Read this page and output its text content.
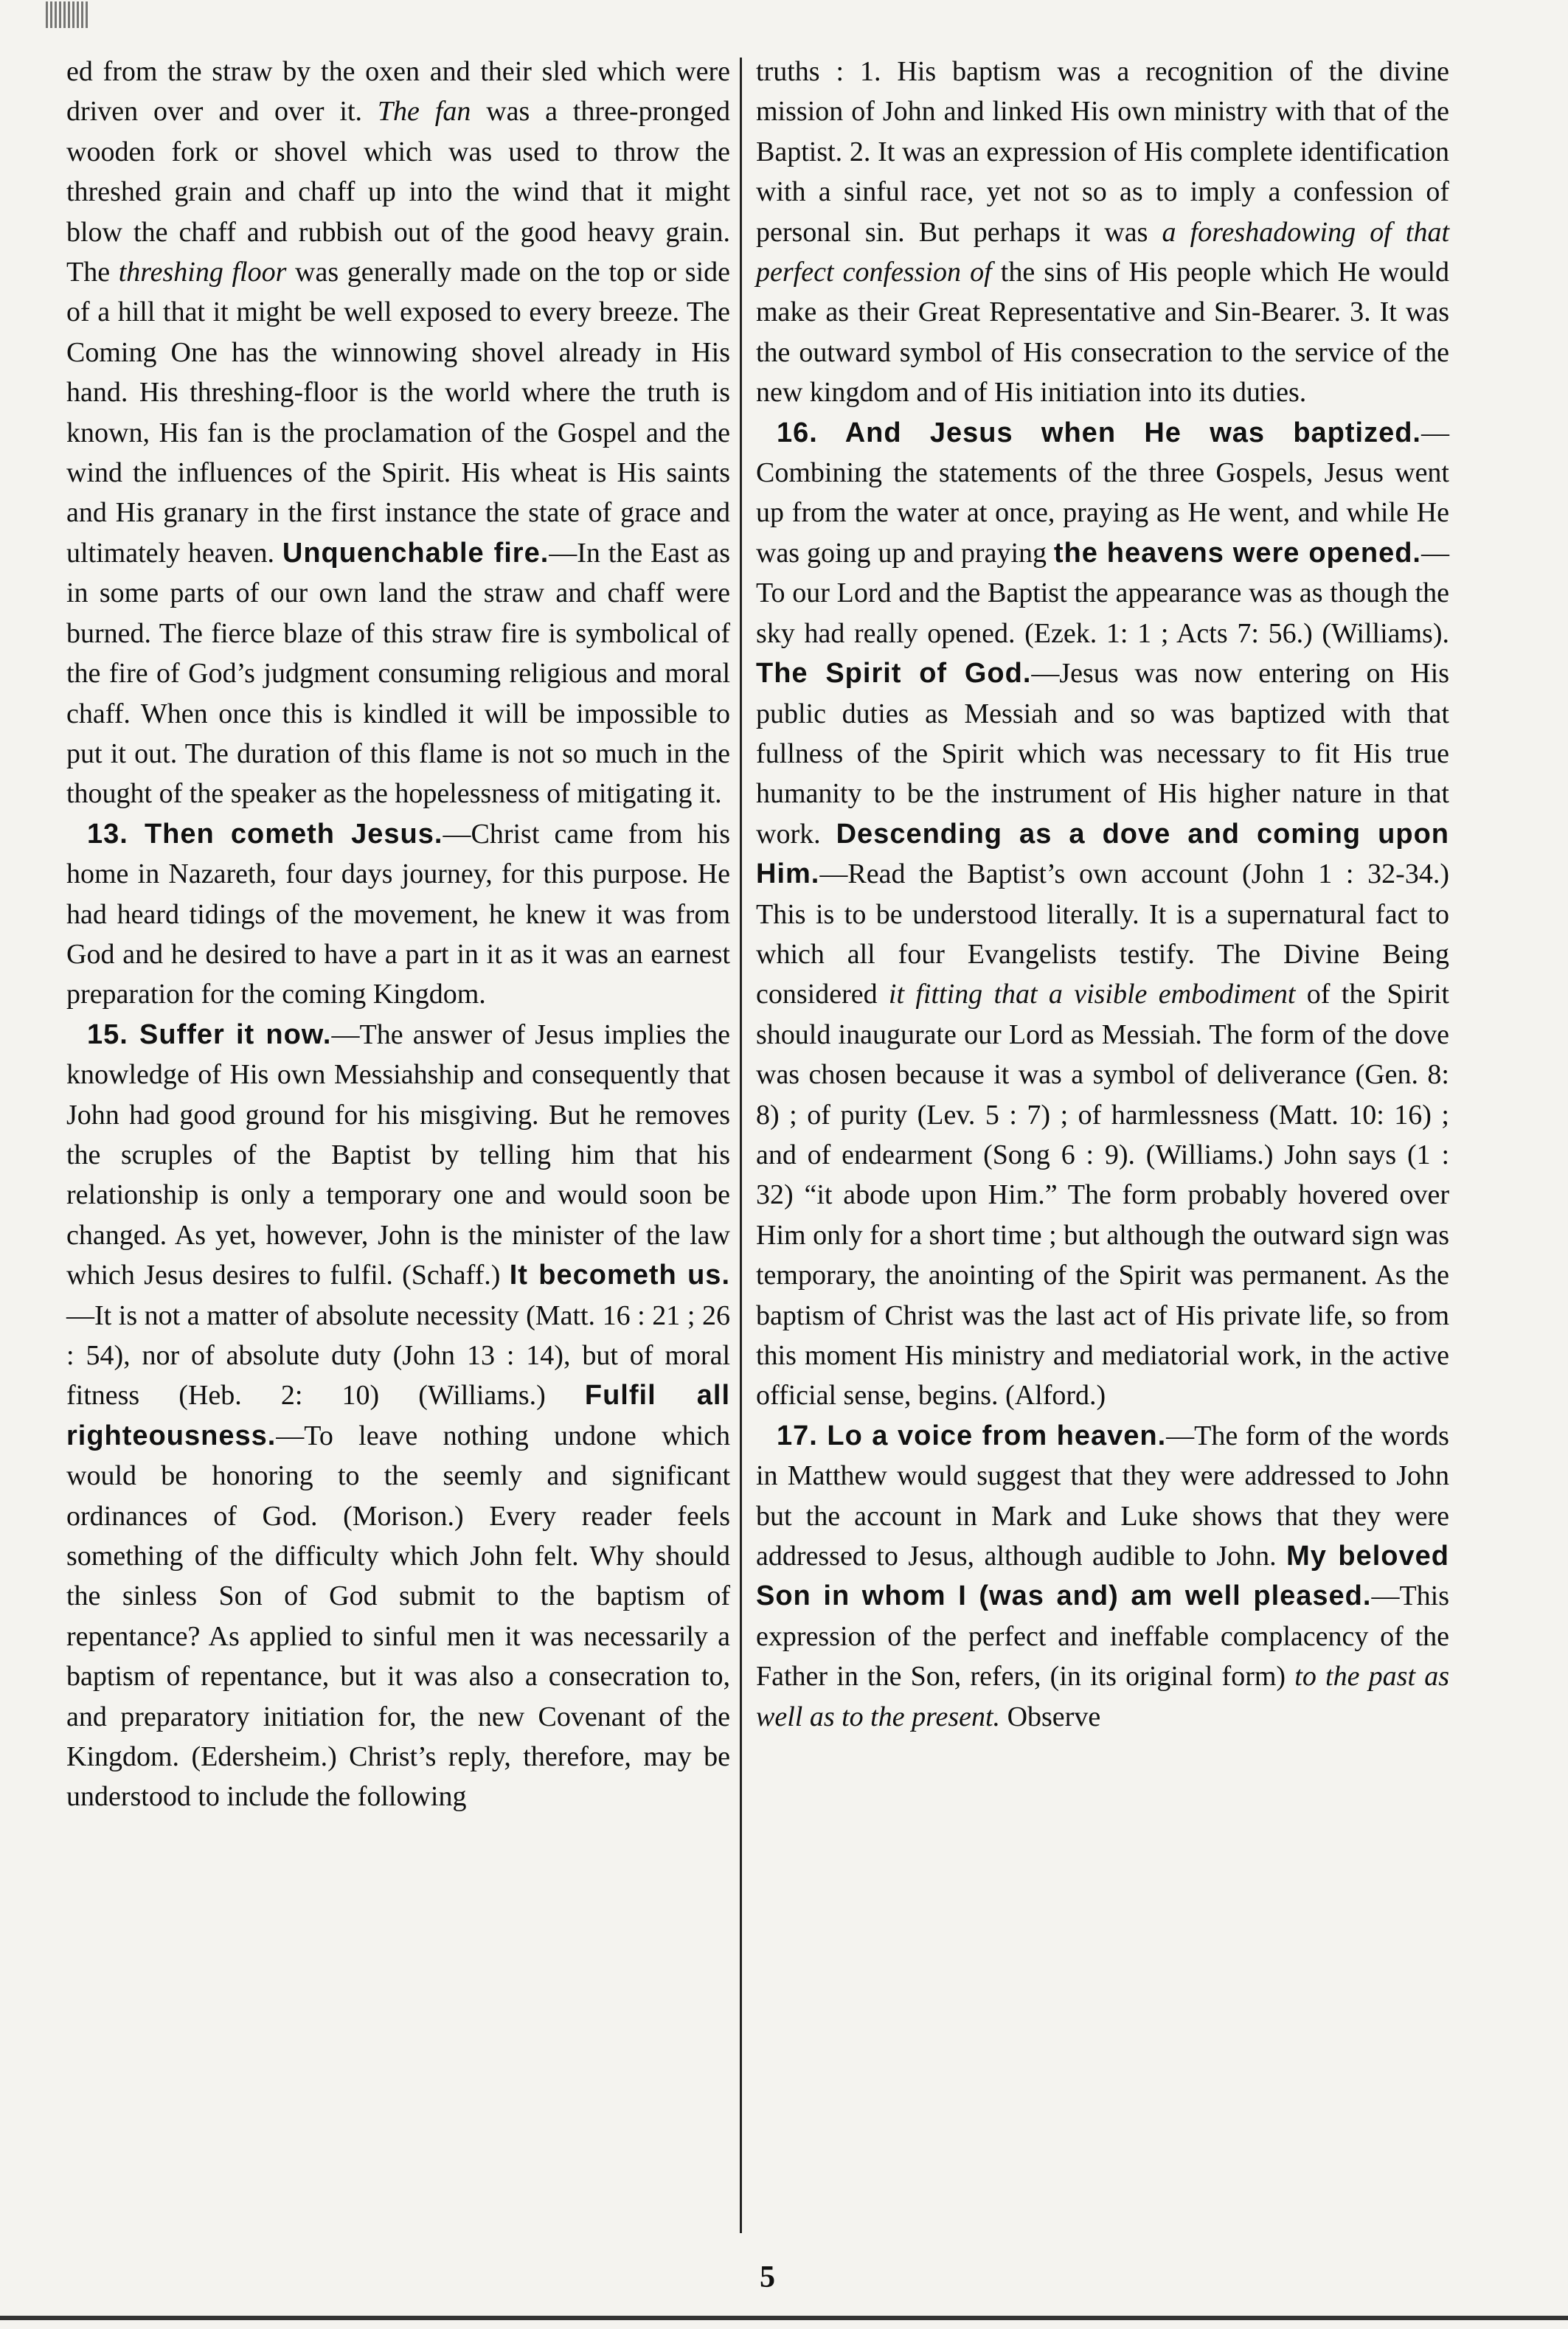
ed from the straw by the oxen and their sled which were driven over and over it. The fan was a three-pronged wooden fork or shovel which was used to throw the threshed grain and chaff up into the wind that it might blow the chaff and rubbish out of the good heavy grain. The threshing floor was generally made on the top or side of a hill that it might be well exposed to every breeze. The Coming One has the winnowing shovel already in His hand. His threshing-floor is the world where the truth is known, His fan is the proclamation of the Gospel and the wind the influences of the Spirit. His wheat is His saints and His granary in the first instance the state of grace and ultimately heaven. Unquenchable fire.—In the East as in some parts of our own land the straw and chaff were burned. The fierce blaze of this straw fire is symbolical of the fire of God’s judgment consuming religious and moral chaff. When once this is kindled it will be impossible to put it out. The duration of this flame is not so much in the thought of the speaker as the hopelessness of mitigating it.

13. Then cometh Jesus.—Christ came from his home in Nazareth, four days journey, for this purpose. He had heard tidings of the movement, he knew it was from God and he desired to have a part in it as it was an earnest preparation for the coming Kingdom.

15. Suffer it now.—The answer of Jesus implies the knowledge of His own Messiahship and consequently that John had good ground for his misgiving. But he removes the scruples of the Baptist by telling him that his relationship is only a temporary one and would soon be changed. As yet, however, John is the minister of the law which Jesus desires to fulfil. (Schaff.) It becometh us.—It is not a matter of absolute necessity (Matt. 16 : 21 ; 26 : 54), nor of absolute duty (John 13 : 14), but of moral fitness (Heb. 2: 10) (Williams.) Fulfil all righteousness.—To leave nothing undone which would be honoring to the seemly and significant ordinances of God. (Morison.) Every reader feels something of the difficulty which John felt. Why should the sinless Son of God submit to the baptism of repentance? As applied to sinful men it was necessarily a baptism of repentance, but it was also a consecration to, and preparatory initiation for, the new Covenant of the Kingdom. (Edersheim.) Christ’s reply, therefore, may be understood to include the following

truths : 1. His baptism was a recognition of the divine mission of John and linked His own ministry with that of the Baptist. 2. It was an expression of His complete identification with a sinful race, yet not so as to imply a confession of personal sin. But perhaps it was a foreshadowing of that perfect confession of the sins of His people which He would make as their Great Representative and Sin-Bearer. 3. It was the outward symbol of His consecration to the service of the new kingdom and of His initiation into its duties.

16. And Jesus when He was baptized.—Combining the statements of the three Gospels, Jesus went up from the water at once, praying as He went, and while He was going up and praying the heavens were opened.—To our Lord and the Baptist the appearance was as though the sky had really opened. (Ezek. 1: 1 ; Acts 7: 56.) (Williams). The Spirit of God.—Jesus was now entering on His public duties as Messiah and so was baptized with that fullness of the Spirit which was necessary to fit His true humanity to be the instrument of His higher nature in that work. Descending as a dove and coming upon Him.—Read the Baptist’s own account (John 1 : 32-34.) This is to be understood literally. It is a supernatural fact to which all four Evangelists testify. The Divine Being considered it fitting that a visible embodiment of the Spirit should inaugurate our Lord as Messiah. The form of the dove was chosen because it was a symbol of deliverance (Gen. 8: 8) ; of purity (Lev. 5 : 7) ; of harmlessness (Matt. 10: 16) ; and of endearment (Song 6 : 9). (Williams.) John says (1 : 32) “it abode upon Him.” The form probably hovered over Him only for a short time ; but although the outward sign was temporary, the anointing of the Spirit was permanent. As the baptism of Christ was the last act of His private life, so from this moment His ministry and mediatorial work, in the active official sense, begins. (Alford.)

17. Lo a voice from heaven.—The form of the words in Matthew would suggest that they were addressed to John but the account in Mark and Luke shows that they were addressed to Jesus, although audible to John. My beloved Son in whom I (was and) am well pleased.—This expression of the perfect and ineffable complacency of the Father in the Son, refers, (in its original form) to the past as well as to the present. Observe

5
